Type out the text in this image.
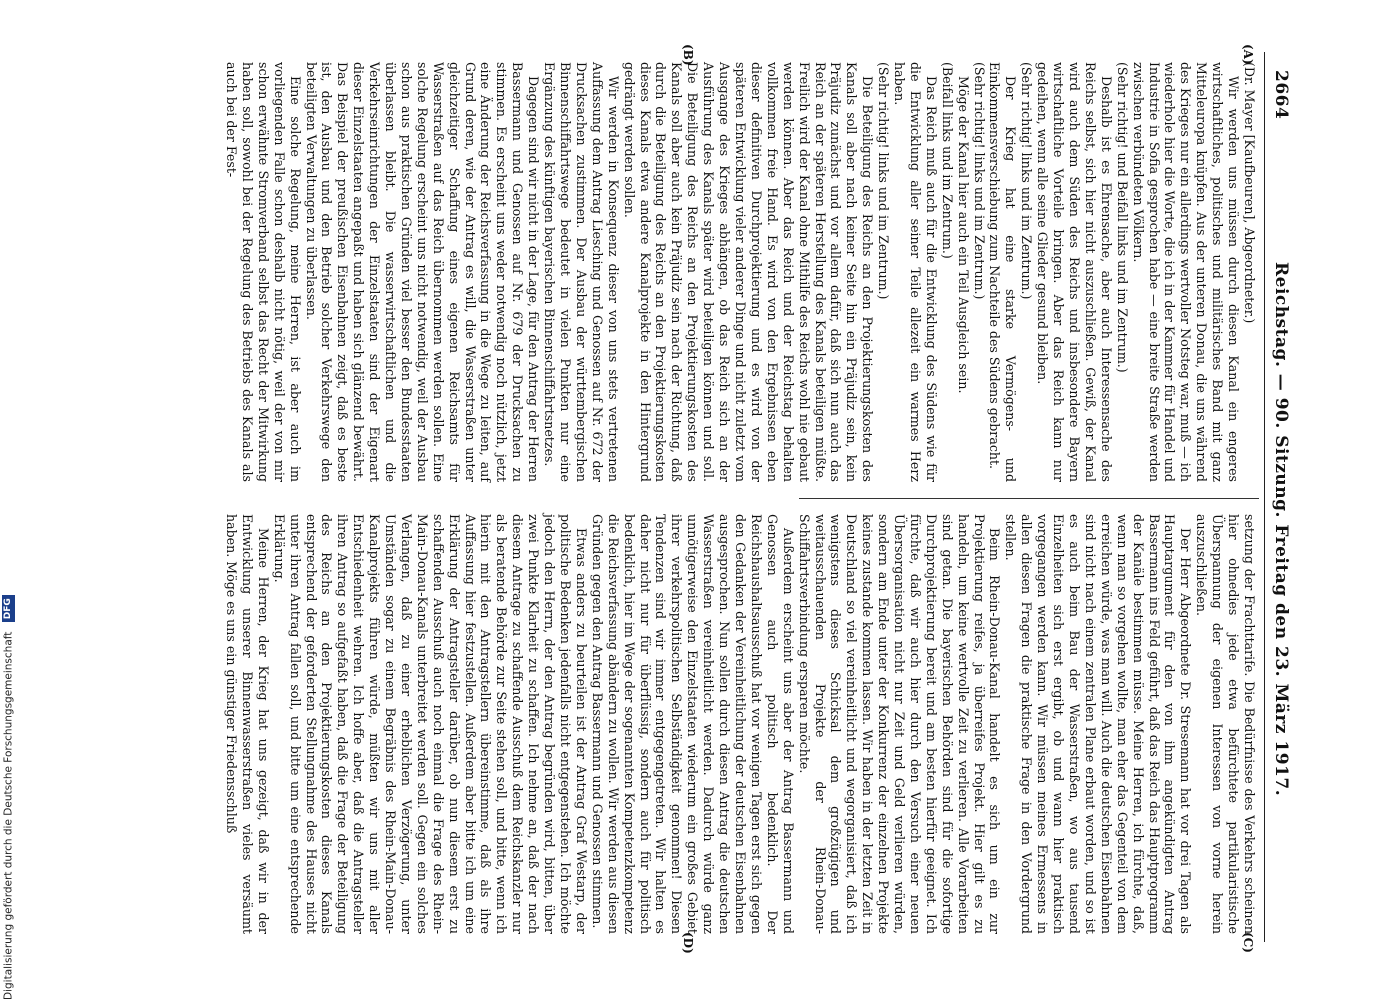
2664
Reichstag. — 90. Sitzung. Freitag den 23. März 1917.
(A)
(B)
(C)
(D)

(Dr. Mayer [Kaufbeuren], Abgeordneter.)

Wir werden uns müssen durch diesen Kanal ein engeres wirtschaftliches, politisches und militärisches Band mit ganz Mitteleuropa knüpfen. Aus der unteren Donau, die uns während des Krieges nur ein allerdings wertvoller Notsteg war, muß — ich wiederhole hier die Worte, die ich in der Kammer für Handel und Industrie in Sofia gesprochen habe — eine breite Straße werden zwischen verbündeten Völkern.

(Sehr richtig! und Beifall links und im Zentrum.)

Deshalb ist es Ehrensache, aber auch Interessensache des Reichs selbst, sich hier nicht auszuschließen. Gewiß, der Kanal wird auch dem Süden des Reichs und insbesondere Bayern wirtschaftliche Vorteile bringen. Aber das Reich kann nur gedeihen, wenn alle seine Glieder gesund bleiben.

(Sehr richtig! links und im Zentrum.)

Der Krieg hat eine starke Vermögens- und Einkommensverschiebung zum Nachteile des Südens gebracht.

(Sehr richtig! links und im Zentrum.)

Möge der Kanal hier auch ein Teil Ausgleich sein.

(Beifall links und im Zentrum.)

Das Reich muß auch für die Entwicklung des Südens wie für die Entwicklung aller seiner Teile allezeit ein warmes Herz haben.

(Sehr richtig! links und im Zentrum.)

Die Beteiligung des Reichs an den Projektierungskosten des Kanals soll aber nach keiner Seite hin ein Präjudiz sein, kein Präjudiz zunächst und vor allem dafür, daß sich nun auch das Reich an der späteren Herstellung des Kanals beteiligen müßte. Freilich wird der Kanal ohne Mithilfe des Reichs wohl nie gebaut werden können. Aber das Reich und der Reichstag behalten vollkommen freie Hand. Es wird von den Ergebnissen eben dieser definitiven Durchprojektierung und es wird von der späteren Entwicklung vieler anderer Dinge und nicht zuletzt vom Ausgange des Krieges abhängen, ob das Reich sich an der Ausführung des Kanals später wird beteiligen können und soll. Die Beteiligung des Reichs an den Projektierungskosten des Kanals soll aber auch kein Präjudiz sein nach der Richtung, daß durch die Beteiligung des Reichs an den Projektierungskosten dieses Kanals etwa andere Kanalprojekte in den Hintergrund gedrängt werden sollen.

Wir werden in Konsequenz dieser von uns stets vertretenen Auffassung dem Antrag Liesching und Genossen auf Nr. 672 der Drucksachen zustimmen. Der Ausbau der württembergischen Binnenschiffahrtswege bedeutet in vielen Punkten nur eine Ergänzung des künftigen bayerischen Binnenschiffahrtsnetzes.

Dagegen sind wir nicht in der Lage, für den Antrag der Herren Bassermann und Genossen auf Nr. 679 der Drucksachen zu stimmen. Es erscheint uns weder notwendig noch nützlich, jetzt eine Änderung der Reichsverfassung in die Wege zu leiten, auf Grund deren, wie der Antrag es will, die Wasserstraßen unter gleichzeitiger Schaffung eines eigenen Reichsamts für Wasserstraßen auf das Reich übernommen werden sollen. Eine solche Regelung erscheint uns nicht notwendig, weil der Ausbau schon aus praktischen Gründen viel besser den Bundesstaaten überlassen bleibt. Die wasserwirtschaftlichen und die Verkehrseinrichtungen der Einzelstaaten sind der Eigenart dieser Einzelstaaten angepaßt und haben sich glänzend bewährt. Das Beispiel der preußischen Eisenbahnen zeigt, daß es beste ist, den Ausbau und den Betrieb solcher Verkehrswege den beteiligten Verwaltungen zu überlassen.

Eine solche Regelung, meine Herren, ist aber auch im vorliegenden Falle schon deshalb nicht nötig, weil der von mir schon erwähnte Stromverband selbst das Recht der Mitwirkung haben soll, sowohl bei der Regelung des Betriebs des Kanals als auch bei der Fest-

setzung der Frachttarife. Die Bedürfnisse des Verkehrs scheinen hier ohnedies jede etwa befürchtete partikularistische Überspannung der eigenen Interessen von vorne herein auszuschließen.

Der Herr Abgeordnete Dr. Stresemann hat vor drei Tagen als Hauptargument für den von ihm angekündigten Antrag Bassermann ins Feld geführt, daß das Reich das Hauptprogramm der Kanäle bestimmen müsse. Meine Herren, ich fürchte, daß, wenn man so vorgehen wollte, man eher das Gegenteil von dem erreichen würde, was man will. Auch die deutschen Eisenbahnen sind nicht nach einem zentralen Plane erbaut worden, und so ist es auch beim Bau der Wasserstraßen, wo aus tausend Einzelheiten sich erst ergibt, ob und wann hier praktisch vorgegangen werden kann. Wir müssen meines Ermessens in allen diesen Fragen die praktische Frage in den Vordergrund stellen.

Beim Rhein-Donau-Kanal handelt es sich um ein zur Projektierung reifes, ja überreifes Projekt. Hier gilt es zu handeln, um keine wertvolle Zeit zu verlieren. Alle Vorarbeiten sind getan. Die bayerischen Behörden sind für die sofortige Durchprojektierung bereit und am besten hierfür geeignet. Ich fürchte, daß wir auch hier durch den Versuch einer neuen Übersorganisation nicht nur Zeit und Geld verlieren würden, sondern am Ende unter der Konkurrenz der einzelnen Projekte keines zustande kommen lassen. Wir haben in der letzten Zeit in Deutschland so viel vereinheitlicht und wegorganisiert, daß ich wenigstens dieses Schicksal dem großzügigen und weitausschauenden Projekte der Rhein-Donau-Schiffahrtsverbindung ersparen möchte.

Außerdem erscheint uns aber der Antrag Bassermann und Genossen auch politisch bedenklich. Der Reichshaushaltsausschuß hat vor wenigen Tagen erst sich gegen den Gedanken der Vereinheitlichung der deutschen Eisenbahnen ausgesprochen. Nun sollen durch diesen Antrag die deutschen Wasserstraßen vereinheitlicht werden. Dadurch würde ganz unnötigerweise den Einzelstaaten wiederum ein großes Gebiet ihrer verkehrspolitischen Selbständigkeit genommen! Diesen Tendenzen sind wir immer entgegengetreten. Wir halten es daher nicht nur für überflüssig, sondern auch für politisch bedenklich, hier im Wege der sogenannten Kompetenzkompetenz die Reichsverfassung abändern zu wollen. Wir werden aus diesen Gründen gegen den Antrag Bassermann und Genossen stimmen.

Etwas anders zu beurteilen ist der Antrag Graf Westarp, der politische Bedenken jedenfalls nicht entgegenstehen. Ich möchte jedoch den Herrn, der den Antrag begründen wird, bitten, über zwei Punkte Klarheit zu schaffen. Ich nehme an, daß der nach diesem Antrage zu schaffende Ausschuß dem Reichskanzler nur als beratende Behörde zur Seite stehen soll, und bitte, wenn ich hierin mit den Antragstellern übereinstimme, daß als ihre Auffassung hier festzustellen. Außerdem aber bitte ich um eine Erklärung der Antragsteller darüber, ob nun diesem erst zu schaffenden Ausschuß auch noch einmal die Frage des Rhein-Main-Donau-Kanals unterbreitet werden soll. Gegen ein solches Verlangen, daß zu einer erheblichen Verzögerung, unter Umständen sogar zu einem Begräbnis des Rhein-Main-Donau-Kanalprojekts führen würde, müßten wir uns mit aller Entschiedenheit wehren. Ich hoffe aber, daß die Antragsteller ihren Antrag so aufgefaßt haben, daß die Frage der Beteiligung des Reichs an den Projektierungskosten dieses Kanals entsprechend der geforderten Stellungnahme des Hauses nicht unter ihren Antrag fallen soll, und bitte um eine entsprechende Erklärung.

Meine Herren, der Krieg hat uns gezeigt, daß wir in der Entwicklung unserer Binnenwasserstraßen vieles versäumt haben. Möge es uns ein günstiger Friedensschluß

Digitalisierung gefördert durch die Deutsche Forschungsgemeinschaft DFG
